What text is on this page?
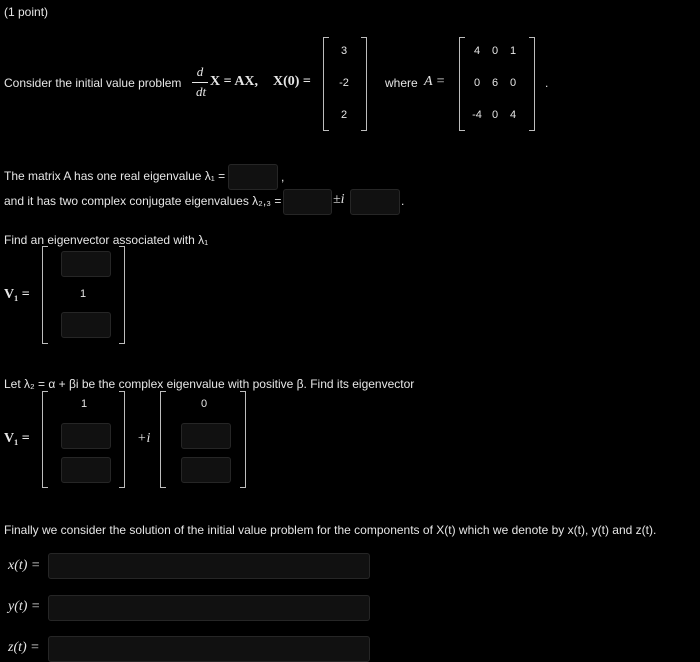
(1 point)
Consider the initial value problem
d
dt
X = AX, X(0) =
3
-2
2
where A =
4	0	1
0	6	0
-4 0	4
.
The matrix A has one real eigenvalue λ₁ =	,
and it has two complex conjugate eigenvalues λ₂,₃ =	±i	.
Find an eigenvector associated with λ₁
V₁ =	1
Let λ₂ = α + βi be the complex eigenvalue with positive β. Find its eigenvector
V₁ =
1
+i
0
Finally we consider the solution of the initial value problem for the components of X(t) which we denote by x(t), y(t) and z(t).
x(t) =
y(t) =
z(t) =
